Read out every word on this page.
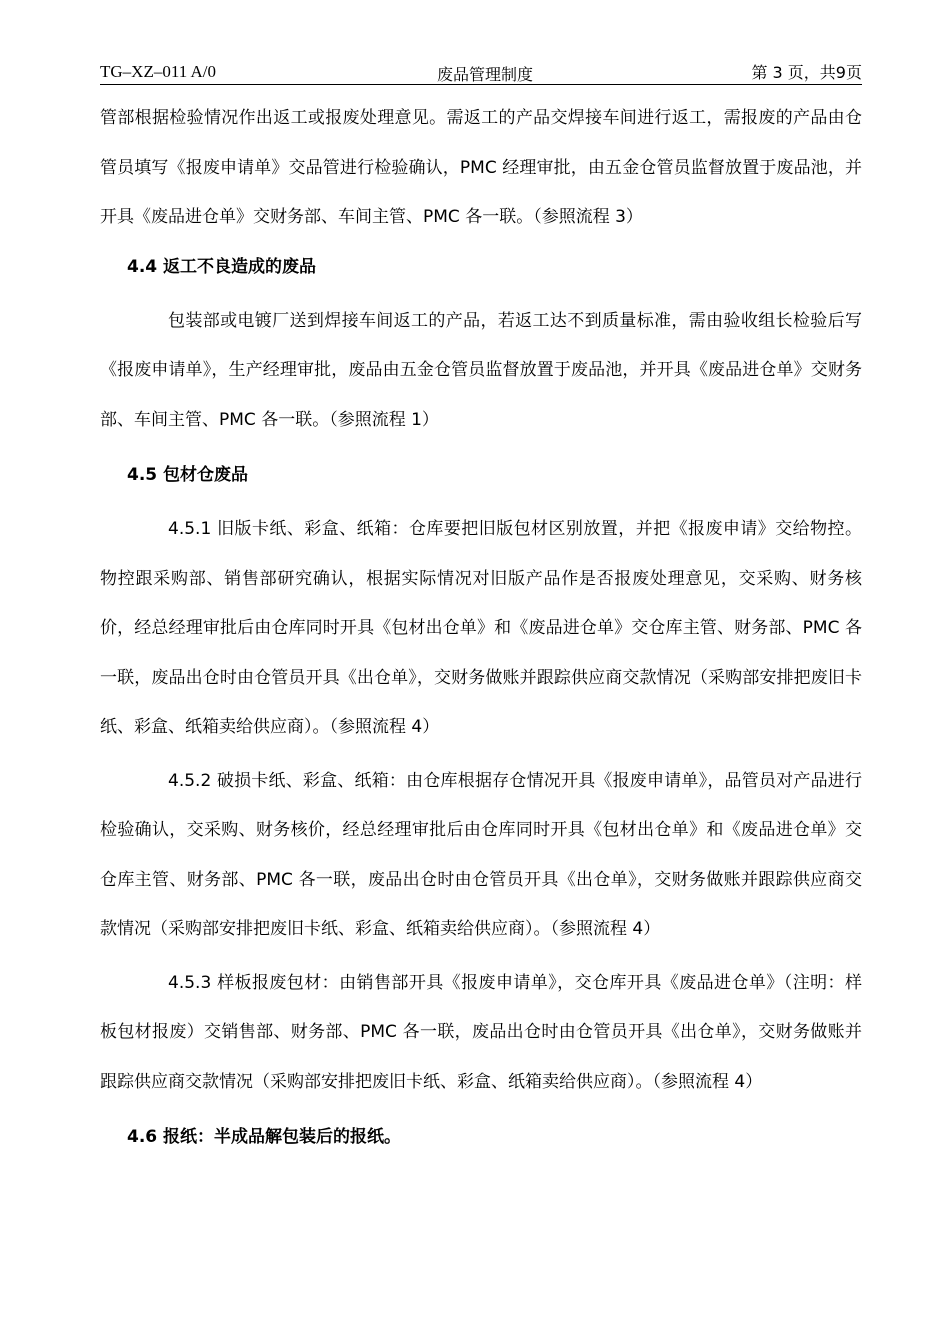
TG–XZ–011 A/0	废品管理制度	第 3 页，共9页

管部根据检验情况作出返工或报废处理意见。需返工的产品交焊接车间进行返工，需报废的产品由仓管员填写《报废申请单》交品管进行检验确认，PMC 经理审批，由五金仓管员监督放置于废品池，并开具《废品进仓单》交财务部、车间主管、PMC 各一联。（参照流程 3）

4.4 返工不良造成的废品

包装部或电镀厂送到焊接车间返工的产品，若返工达不到质量标准，需由验收组长检验后写《报废申请单》，生产经理审批，废品由五金仓管员监督放置于废品池，并开具《废品进仓单》交财务部、车间主管、PMC 各一联。（参照流程 1）

4.5 包材仓废品

4.5.1 旧版卡纸、彩盒、纸箱：仓库要把旧版包材区别放置，并把《报废申请》交给物控。物控跟采购部、销售部研究确认，根据实际情况对旧版产品作是否报废处理意见，交采购、财务核价，经总经理审批后由仓库同时开具《包材出仓单》和《废品进仓单》交仓库主管、财务部、PMC 各一联，废品出仓时由仓管员开具《出仓单》，交财务做账并跟踪供应商交款情况（采购部安排把废旧卡纸、彩盒、纸箱卖给供应商）。（参照流程 4）

4.5.2 破损卡纸、彩盒、纸箱：由仓库根据存仓情况开具《报废申请单》，品管员对产品进行检验确认，交采购、财务核价，经总经理审批后由仓库同时开具《包材出仓单》和《废品进仓单》交仓库主管、财务部、PMC 各一联，废品出仓时由仓管员开具《出仓单》，交财务做账并跟踪供应商交款情况（采购部安排把废旧卡纸、彩盒、纸箱卖给供应商）。（参照流程 4）

4.5.3 样板报废包材：由销售部开具《报废申请单》，交仓库开具《废品进仓单》（注明：样板包材报废）交销售部、财务部、PMC 各一联，废品出仓时由仓管员开具《出仓单》，交财务做账并跟踪供应商交款情况（采购部安排把废旧卡纸、彩盒、纸箱卖给供应商）。（参照流程 4）

4.6 报纸：半成品解包装后的报纸。
